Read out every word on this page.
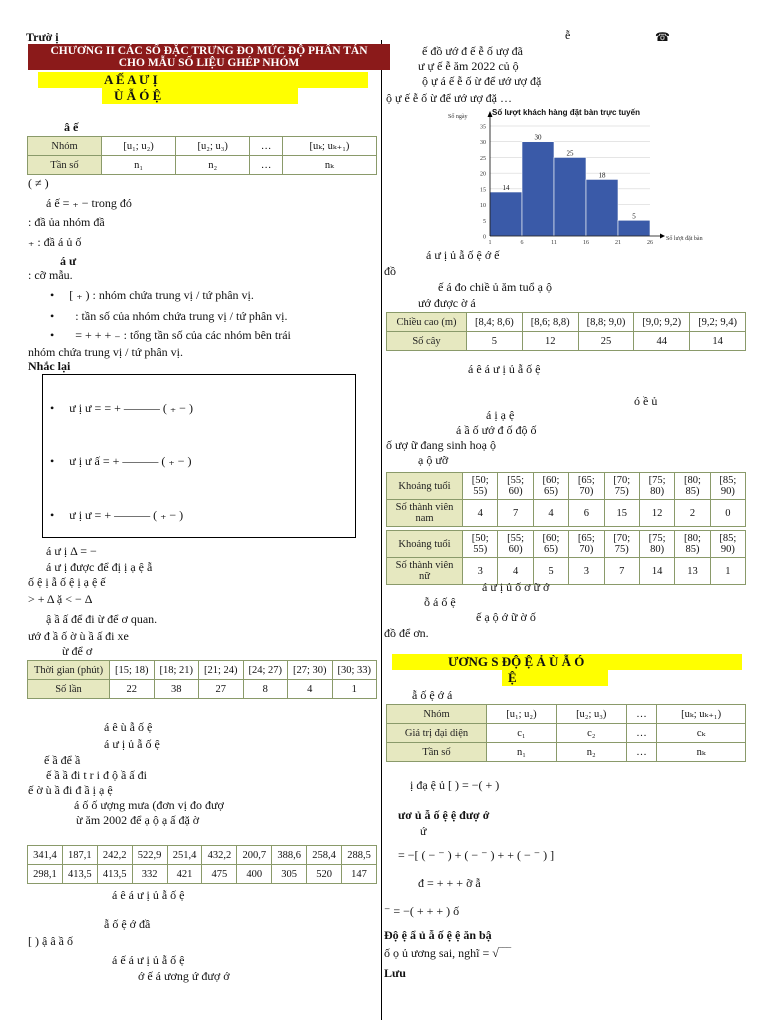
Trườ ị	☎
CHƯƠNG II CÁC SỐ ĐẶC TRƯNG ĐO MỨC ĐỘ PHÂN TÁN
CHO MẪU SỐ LIỆU GHÉP NHÓM
A Ế A Ư Ị
Ù Ẫ Ó Ệ

â ế

Nhóm	[u₁; u₂)	[u₂; u₃)	…	[uₖ; uₖ₊₁)
Tần số	n₁	n₂	…	nₖ

( ≠ )

á ế = ₊ − trong đó

: đầ ủa nhóm đầ

₊ : đầ á ủ ố

á ư

: cỡ mẫu.

•     [ ₊ ) : nhóm chứa trung vị / tứ phân vị.

•       : tần số của nhóm chứa trung vị / tứ phân vị.

•       = + + + ₋ : tổng tần số của các nhóm bên trái

nhóm chứa trung vị / tứ phân vị.

Nhắc lại

•     ư ị ư = = + ——— ( ₊ − )

•     ư ị ư ấ = + ——— ( ₊ − )

•     ư ị ư = + ——— ( ₊ − )

á ư ị Δ = −

á ư ị được để đị ị ạ ệ ẫ

ố ệ ị ẫ ố ệ ị ạ ệ ế

> + Δ ặ < − Δ

ậ ầ ấ để đi ừ để ơ quan.

ướ đ ầ ố ờ ù ầ ấ đi xe

ừ để ơ

Thời gian (phút)	[15; 18)	[18; 21)	[21; 24)	[24; 27)	[27; 30)	[30; 33)
Số lần	22	38	27	8	4	1

á ê ù ẫ ố ệ

á ư ị ủ ẫ ố ệ

ế ầ để ầ

ế ầ ầ đi t r i đ ộ ầ ấ đi

ế ờ ù ầ đi đ ầ ị ạ ệ

á ố ố ượng mưa (đơn vị đo đượ

ừ ăm 2002 để ạ ộ ạ ấ đặ ờ

341,4	187,1	242,2	522,9	251,4	432,2	200,7	388,6	258,4	288,5
298,1	413,5	413,5	332	421	475	400	305	520	147

á ê á ư ị ủ ẫ ố ệ

ẫ ố ệ ớ đầ

[ ) ậ â ầ ố

á ế á ư ị ủ ẫ ố ệ

ớ ế á ương ứ đượ ớ

ễ

ế đồ ướ đ ế ễ ố ượ đã

ư ự ế ễ ăm 2022 củ ộ

ộ ự á ế ễ ố ừ để ướ ượ đặ

ộ ự ế ễ ố ừ để ướ ượ đặ …

Số lượt khách hàng đặt bàn trực tuyến
0
5
10
15
20
25
30
35
14
30
25
18
5
1	6	11	16	21	26
Số ngày
Số lượt đặt bàn

á ư ị ủ ẫ ố ệ ớ ế

đồ

ế á đo chiề ủ ăm tuổ ạ ộ

ướ được ờ á

Chiều cao (m)	[8,4; 8,6)	[8,6; 8,8)	[8,8; 9,0)	[9,0; 9,2)	[9,2; 9,4)
Số cây	5	12	25	44	14

á ê á ư ị ủ ẫ ố ệ

ó ề ủ

á ị ạ ệ

á ầ ố ướ đ ố độ ố

ố ượ ữ đang sinh hoạ ộ

ạ ộ ưỡ

Khoảng tuổi	[50; 55)	[55; 60)	[60; 65)	[65; 70)	[70; 75)	[75; 80)	[80; 85)	[85; 90)
Số thành viên nam	4	7	4	6	15	12	2	0
Khoảng tuổi	[50; 55)	[55; 60)	[60; 65)	[65; 70)	[70; 75)	[75; 80)	[80; 85)	[85; 90)
Số thành viên nữ	3	4	5	3	7	14	13	1

á ư ị ủ ố ơ ữ ớ

ỗ á ố ệ

ế ạ ộ ớ ữ ờ ố

đồ để ơn.

ƯƠNG S ĐỘ Ệ Ả Ù Ẫ Ó
Ệ

ẫ ố ệ ớ á

Nhóm	[u₁; u₂)	[u₂; u₃)	…	[uₖ; uₖ₊₁)
Giá trị đại diện	c₁	c₂	…	cₖ
Tần số	n₁	n₂	…	nₖ

ị đạ ệ ủ [ ) = −( + )

ươ ủ ẫ ố ệ ệ đượ ớ

ứ

= −[ ( − ⁻ ) + ( − ⁻ ) + + ( − ⁻ ) ]

đ = + + + ỡ ẫ

⁻ = −( + + + ) ố

Độ ệ ẩ ủ ẫ ố ệ ệ ăn bậ

ố ọ ủ ương sai, nghĩ = √‾‾‾

Lưu
